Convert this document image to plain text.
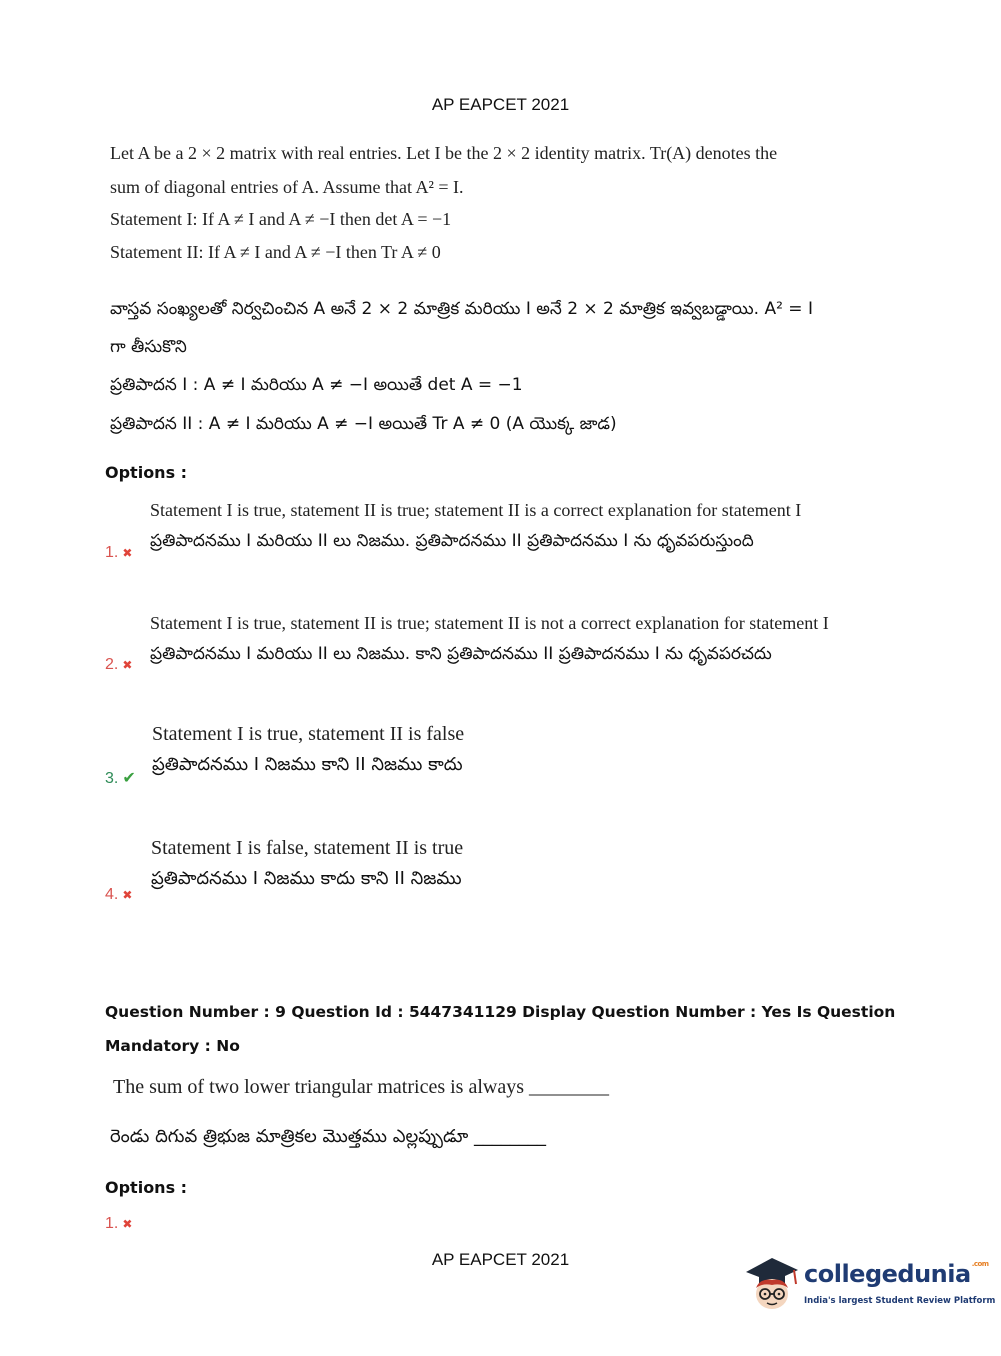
AP EAPCET 2021
Let A be a 2 × 2 matrix with real entries. Let I be the 2 × 2 identity matrix. Tr(A) denotes the
sum of diagonal entries of A. Assume that A² = I.
Statement I: If A ≠ I and A ≠ −I then det A = −1
Statement II: If A ≠ I and A ≠ −I then Tr A ≠ 0
వాస్తవ సంఖ్యలతో నిర్వచించిన A అనే 2 × 2 మాత్రిక మరియు I అనే 2 × 2 మాత్రిక ఇవ్వబడ్డాయి. A² = I
గా తీసుకొని
ప్రతిపాదన I : A ≠ I మరియు A ≠ −I అయితే det A = −1
ప్రతిపాదన II : A ≠ I మరియు A ≠ −I అయితే Tr A ≠ 0 (A యొక్క జాడ)
Options :
Statement I is true, statement II is true; statement II is a correct explanation for statement I
ప్రతిపాదనము I మరియు II లు నిజము. ప్రతిపాదనము II ప్రతిపాదనము I ను ధృవపరుస్తుంది
1. ✖
Statement I is true, statement II is true; statement II is not a correct explanation for statement I
ప్రతిపాదనము I మరియు II లు నిజము. కాని ప్రతిపాదనము II ప్రతిపాదనము I ను ధృవపరచదు
2. ✖
Statement I is true, statement II is false
ప్రతిపాదనము I నిజము కాని II నిజము కాదు
3. ✔
Statement I is false, statement II is true
ప్రతిపాదనము I నిజము కాదు కాని II నిజము
4. ✖
Question Number : 9 Question Id : 5447341129 Display Question Number : Yes Is Question
Mandatory : No
The sum of two lower triangular matrices is always ________
రెండు దిగువ త్రిభుజ మాత్రికల మొత్తము ఎల్లప్పుడూ ________
Options :
1. ✖
AP EAPCET 2021
collegedunia$^{.com}$
India's largest Student Review Platform
